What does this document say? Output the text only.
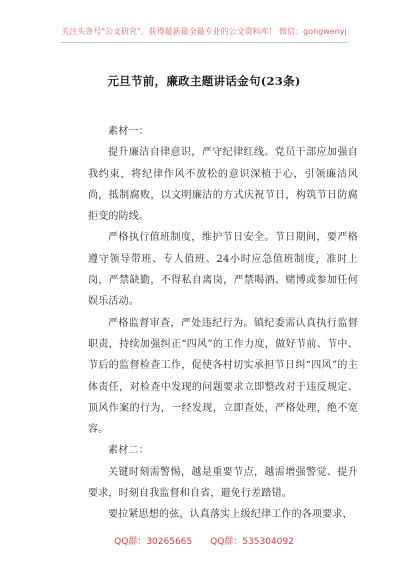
关注头条号"公文研究"，获得最新最全最专业的公文资料库！ 微信：gongwenyj
元旦节前，廉政主题讲话金句(23条)

素材一：

提升廉洁自律意识，严守纪律红线。党员干部应加强自我约束，将纪律作风不放松的意识深植于心，引领廉洁风尚，抵制腐败，以文明廉洁的方式庆祝节日，构筑节日防腐拒变的防线。

严格执行值班制度，维护节日安全。节日期间，要严格遵守领导带班、专人值班、24小时应急值班制度，准时上岗，严禁缺勤，不得私自离岗，严禁喝酒、赌博或参加任何娱乐活动。

严格监督审查，严处违纪行为。镇纪委需认真执行监督职责，持续加强纠正“四风”的工作力度，做好节前、节中、节后的监督检查工作，促使各村切实承担节日纠“四风”的主体责任，对检查中发现的问题要求立即整改对于违反规定、顶风作案的行为，一经发现，立即查处，严格处理，绝不宽容。

素材二：

关键时刻需警惕，越是重要节点，越需增强警觉、提升要求，时刻自我监督和自省，避免行差踏错。

要拉紧思想的弦，认真落实上级纪律工作的各项要求，

QQ群：30265665 QQ群：535304092
